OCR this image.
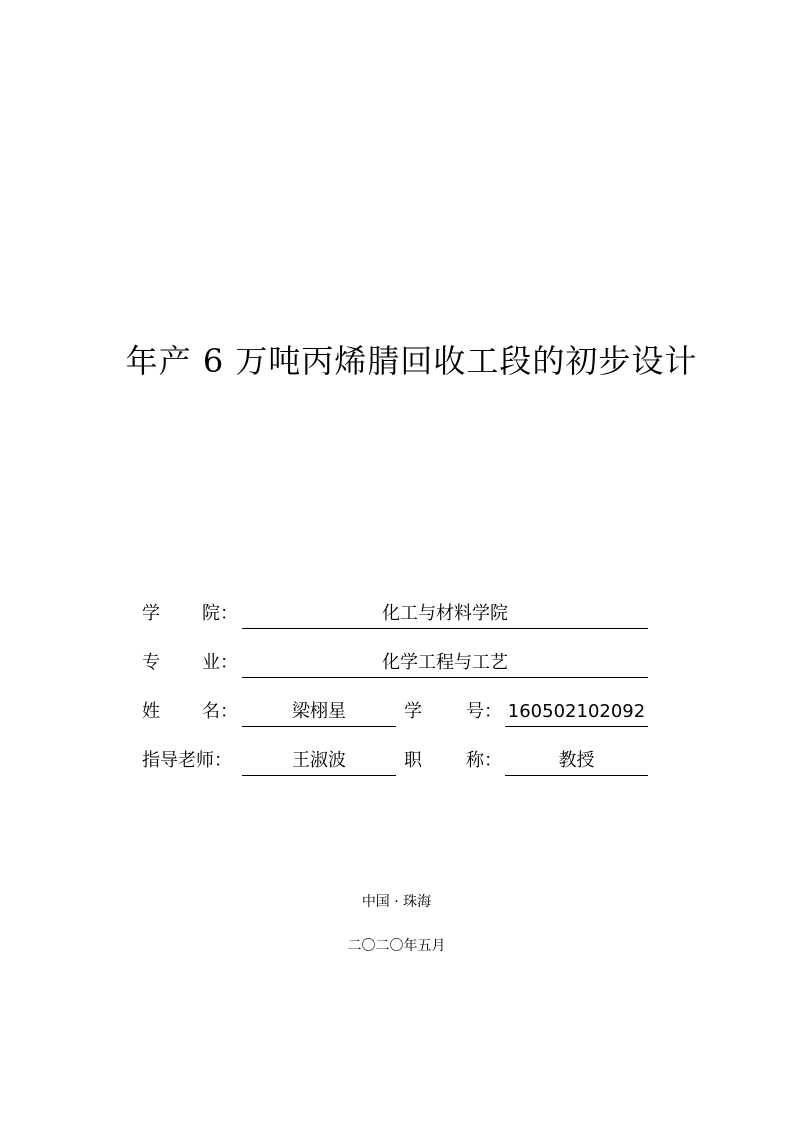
年产 6 万吨丙烯腈回收工段的初步设计
学 院：	化工与材料学院
专 业：	化学工程与工艺
姓 名：	梁栩星	学 号： 160502102092
指导老师：	王淑波	职 称：	教授
中国 · 珠海
二〇二〇年五月
